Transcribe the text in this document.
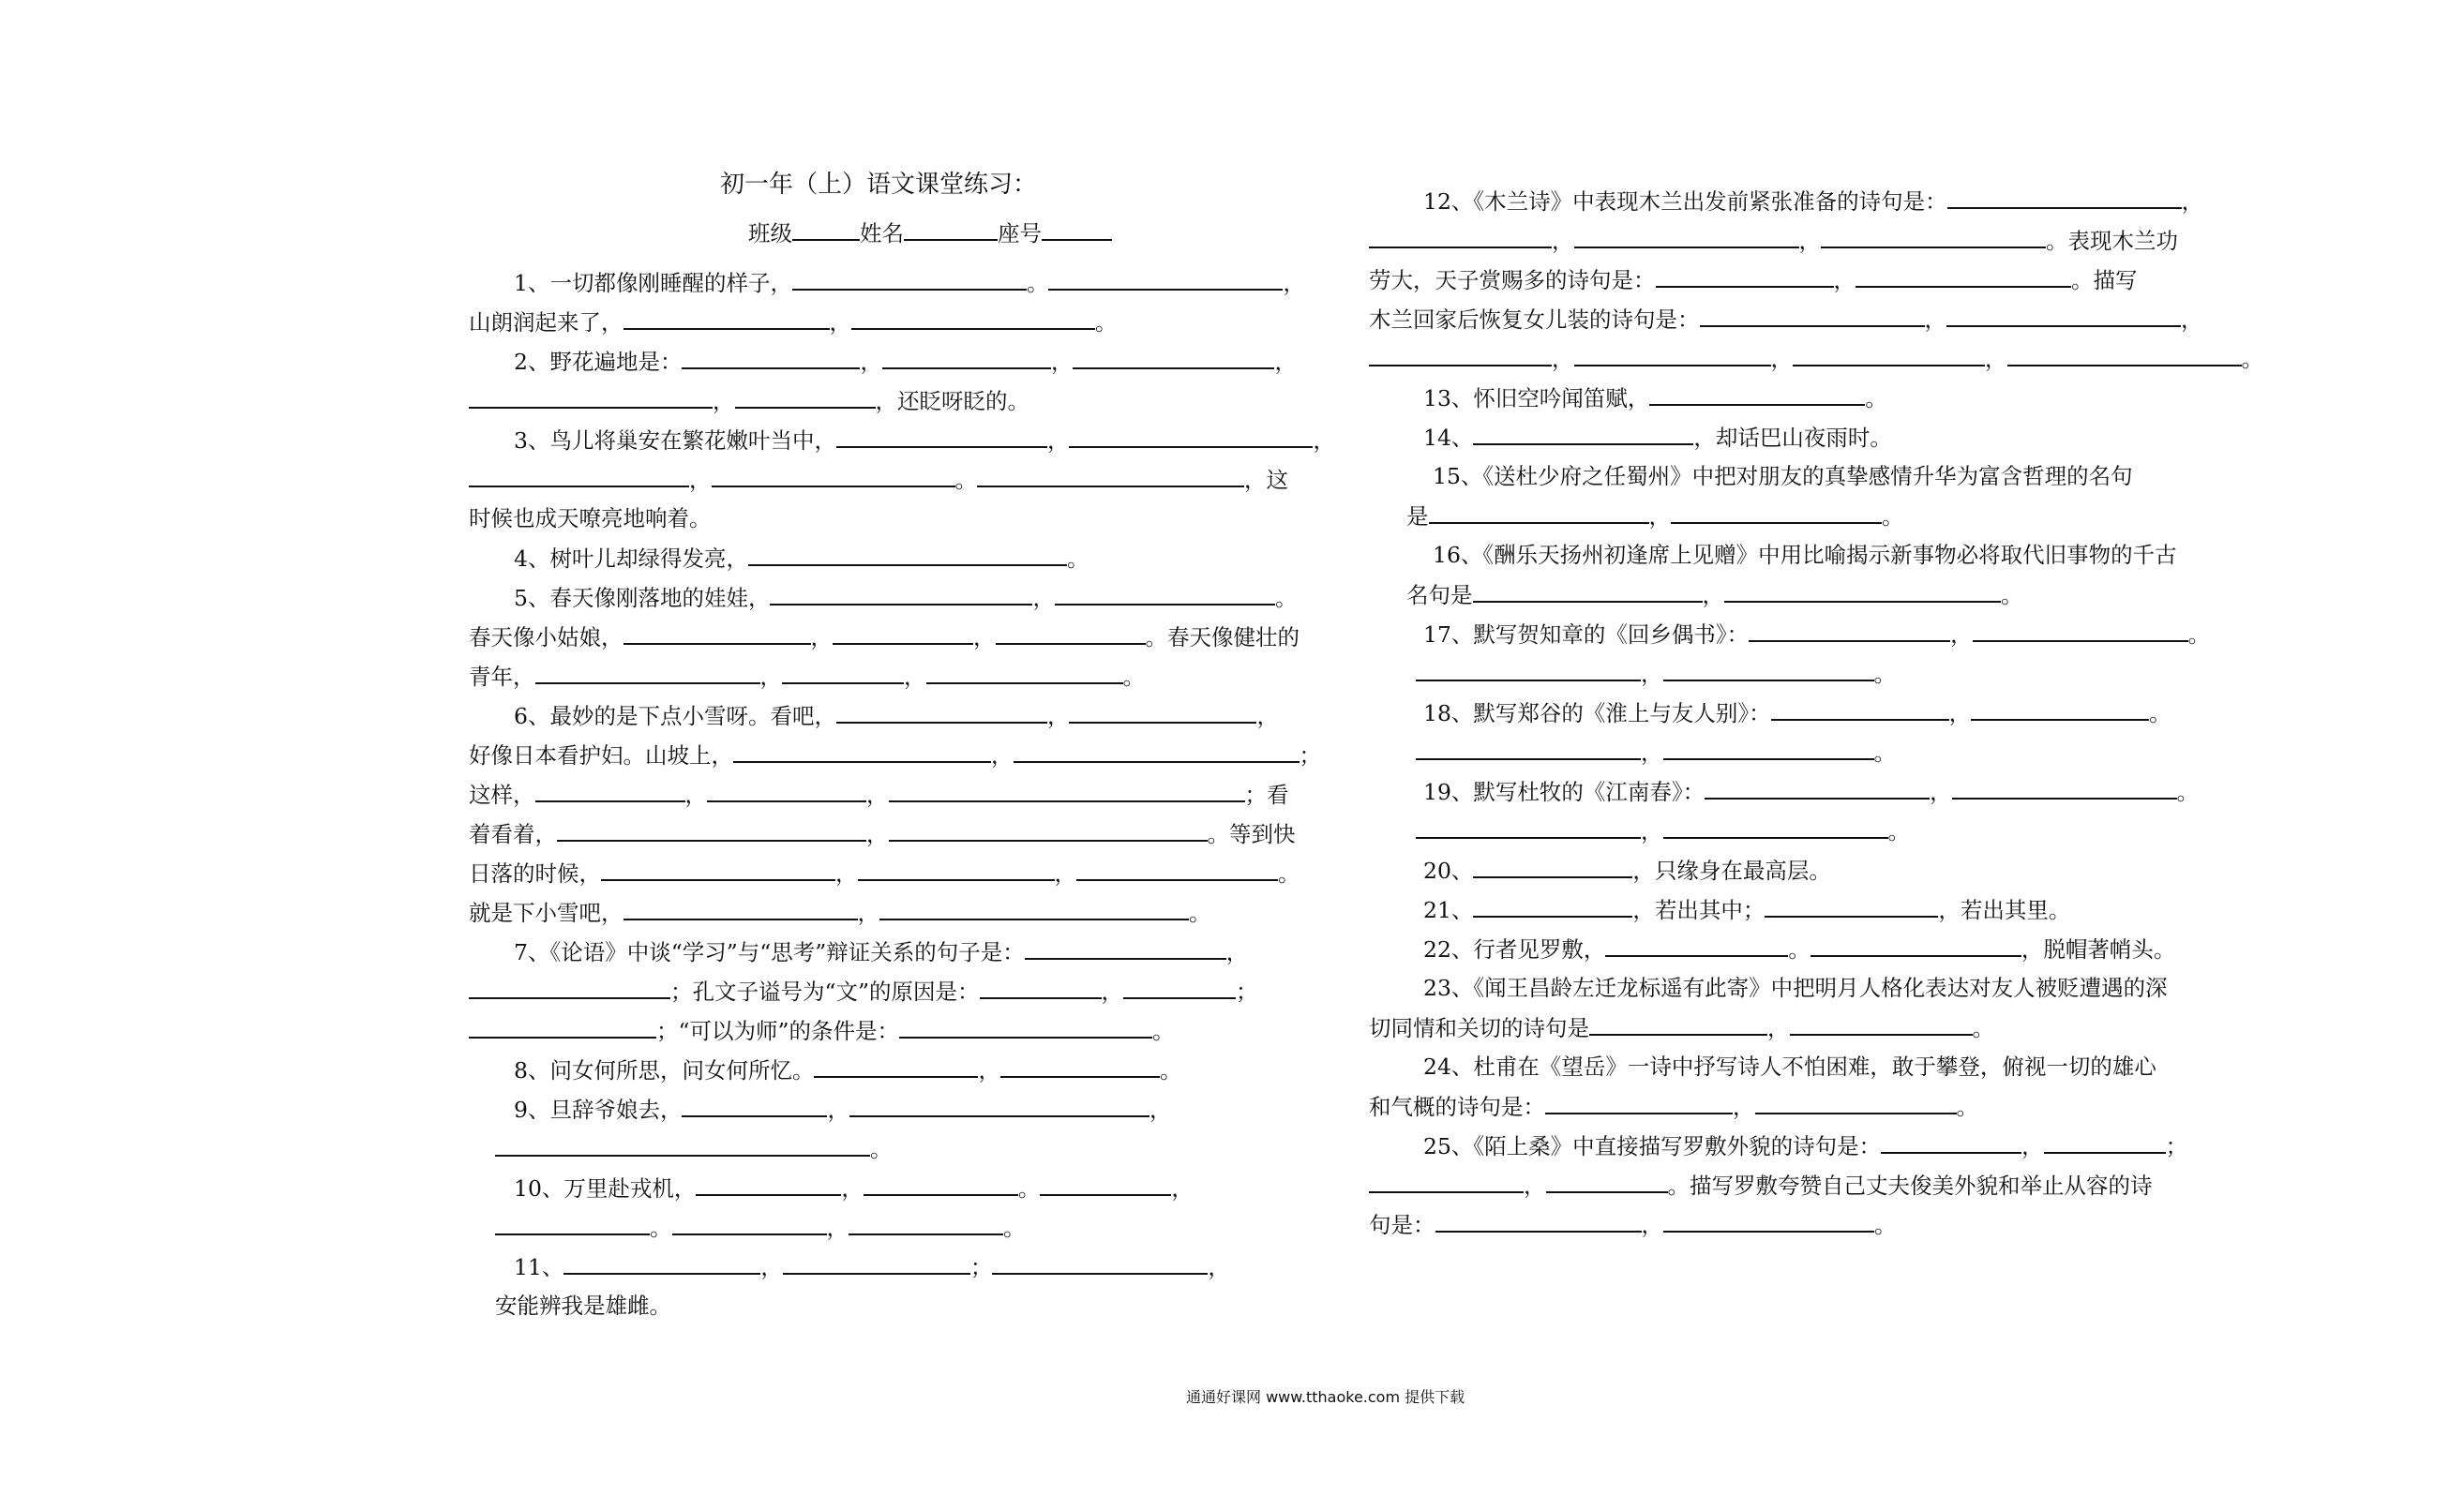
初一年（上）语文课堂练习：
班级	姓名	座号
1、一切都像刚睡醒的样子，	。	，
山朗润起来了，	，	。
2、野花遍地是：	，	，	，
，	，还眨呀眨的。
3、鸟儿将巢安在繁花嫩叶当中，	，	，
，	。	，这
时候也成天嘹亮地响着。
4、树叶儿却绿得发亮，	。
5、春天像刚落地的娃娃，	，	。
春天像小姑娘，	，	，	。春天像健壮的
青年，	，	，	。
6、最妙的是下点小雪呀。看吧，	，	，
好像日本看护妇。山坡上，	，	；
这样，	，	，	；看
着看着，	，	。等到快
日落的时候，	，	，	。
就是下小雪吧，	，	。
7、《论语》中谈“学习”与“思考”辩证关系的句子是：	，
；孔文子谥号为“文”的原因是：	，	；
；“可以为师”的条件是：	。
8、问女何所思，问女何所忆。	，	。
9、旦辞爷娘去，	，	，
。
10、万里赴戎机，	，	。	，
。	，	。
11、	，	；	，
安能辨我是雄雌。
12、《木兰诗》中表现木兰出发前紧张准备的诗句是：	，
，	，	。表现木兰功
劳大，天子赏赐多的诗句是：	，	。描写
木兰回家后恢复女儿装的诗句是：	，	，
，	，	，	。
13、怀旧空吟闻笛赋，	。
14、	，却话巴山夜雨时。
15、《送杜少府之任蜀州》中把对朋友的真挚感情升华为富含哲理的名句
是	，	。
16、《酬乐天扬州初逢席上见赠》中用比喻揭示新事物必将取代旧事物的千古
名句是	，	。
17、默写贺知章的《回乡偶书》：	，	。
，	。
18、默写郑谷的《淮上与友人别》：	，	。
，	。
19、默写杜牧的《江南春》：	，	。
，	。
20、	，只缘身在最高层。
21、	，若出其中；	，若出其里。
22、行者见罗敷，	。	，脱帽著帩头。
23、《闻王昌龄左迁龙标遥有此寄》中把明月人格化表达对友人被贬遭遇的深
切同情和关切的诗句是	，	。
24、杜甫在《望岳》一诗中抒写诗人不怕困难，敢于攀登，俯视一切的雄心
和气概的诗句是：	，	。
25、《陌上桑》中直接描写罗敷外貌的诗句是：	，	；
，	。描写罗敷夸赞自己丈夫俊美外貌和举止从容的诗
句是：	，	。
通通好课网 www.tthaoke.com 提供下载
